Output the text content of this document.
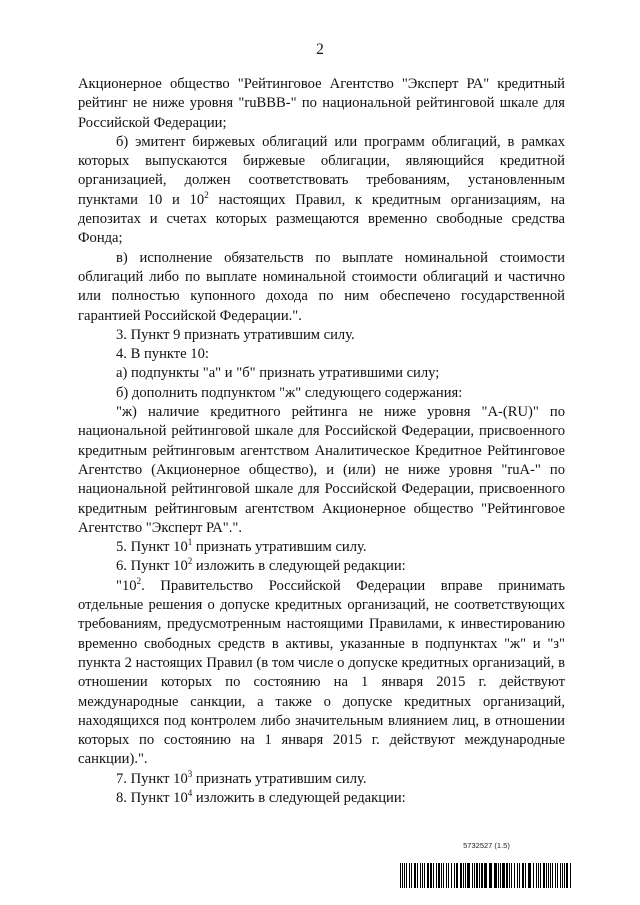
2

Акционерное общество "Рейтинговое Агентство "Эксперт РА" кредитный рейтинг не ниже уровня "ruBBB-" по национальной рейтинговой шкале для Российской Федерации;

б) эмитент биржевых облигаций или программ облигаций, в рамках которых выпускаются биржевые облигации, являющийся кредитной организацией, должен соответствовать требованиям, установленным пунктами 10 и $10^2$ настоящих Правил, к кредитным организациям, на депозитах и счетах которых размещаются временно свободные средства Фонда;

в) исполнение обязательств по выплате номинальной стоимости облигаций либо по выплате номинальной стоимости облигаций и частично или полностью купонного дохода по ним обеспечено государственной гарантией Российской Федерации.".

3. Пункт 9 признать утратившим силу.

4. В пункте 10:

а) подпункты "а" и "б" признать утратившими силу;

б) дополнить подпунктом "ж" следующего содержания:

"ж) наличие кредитного рейтинга не ниже уровня "A-(RU)" по национальной рейтинговой шкале для Российской Федерации, присвоенного кредитным рейтинговым агентством Аналитическое Кредитное Рейтинговое Агентство (Акционерное общество), и (или) не ниже уровня "ruA-" по национальной рейтинговой шкале для Российской Федерации, присвоенного кредитным рейтинговым агентством Акционерное общество "Рейтинговое Агентство "Эксперт РА".".

5. Пункт $10^1$ признать утратившим силу.

6. Пункт $10^2$ изложить в следующей редакции:

"$10^2$. Правительство Российской Федерации вправе принимать отдельные решения о допуске кредитных организаций, не соответствующих требованиям, предусмотренным настоящими Правилами, к инвестированию временно свободных средств в активы, указанные в подпунктах "ж" и "з" пункта 2 настоящих Правил (в том числе о допуске кредитных организаций, в отношении которых по состоянию на 1 января 2015 г. действуют международные санкции, а также о допуске кредитных организаций, находящихся под контролем либо значительным влиянием лиц, в отношении которых по состоянию на 1 января 2015 г. действуют международные санкции).".

7. Пункт $10^3$ признать утратившим силу.

8. Пункт $10^4$ изложить в следующей редакции:

5732527 (1.5)
